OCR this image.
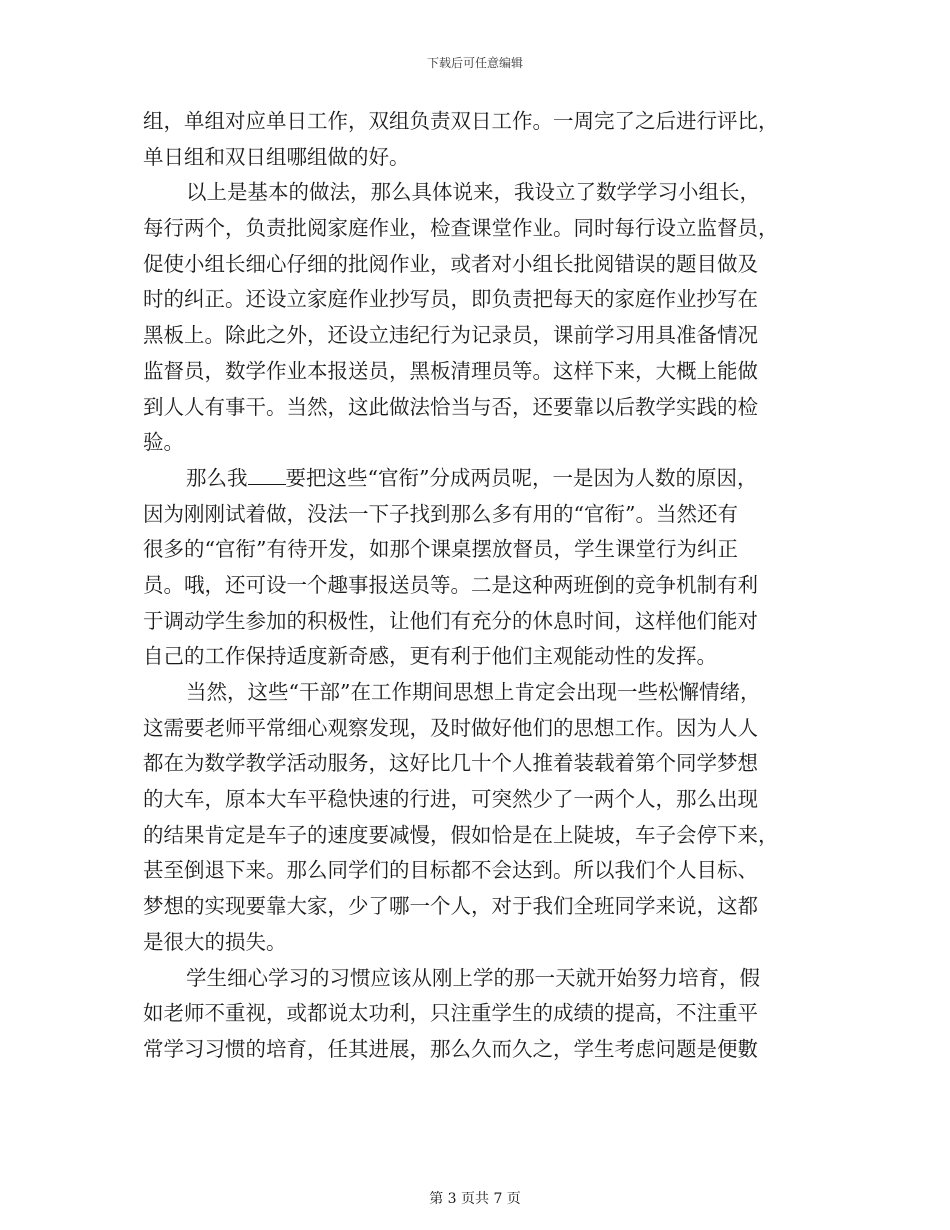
下载后可任意编辑
组，单组对应单日工作，双组负责双日工作。一周完了之后进行评比，
单日组和双日组哪组做的好。
以上是基本的做法，那么具体说来，我设立了数学学习小组长，
每行两个，负责批阅家庭作业，检查课堂作业。同时每行设立监督员，
促使小组长细心仔细的批阅作业，或者对小组长批阅错误的题目做及
时的纠正。还设立家庭作业抄写员，即负责把每天的家庭作业抄写在
黑板上。除此之外，还设立违纪行为记录员，课前学习用具准备情况
监督员，数学作业本报送员，黑板清理员等。这样下来，大概上能做
到人人有事干。当然，这此做法恰当与否，还要靠以后教学实践的检
验。
那么我 要把这些“官衔”分成两员呢，一是因为人数的原因，
因为刚刚试着做，没法一下子找到那么多有用的“官衔”。当然还有
很多的“官衔”有待开发，如那个课桌摆放督员，学生课堂行为纠正
员。哦，还可设一个趣事报送员等。二是这种两班倒的竞争机制有利
于调动学生参加的积极性，让他们有充分的休息时间，这样他们能对
自己的工作保持适度新奇感，更有利于他们主观能动性的发挥。
当然，这些“干部”在工作期间思想上肯定会出现一些松懈情绪，
这需要老师平常细心观察发现，及时做好他们的思想工作。因为人人
都在为数学教学活动服务，这好比几十个人推着装载着第个同学梦想
的大车，原本大车平稳快速的行进，可突然少了一两个人，那么出现
的结果肯定是车子的速度要减慢，假如恰是在上陡坡，车子会停下来，
甚至倒退下来。那么同学们的目标都不会达到。所以我们个人目标、
梦想的实现要靠大家，少了哪一个人，对于我们全班同学来说，这都
是很大的损失。
学生细心学习的习惯应该从刚上学的那一天就开始努力培育，假
如老师不重视，或都说太功利，只注重学生的成绩的提高，不注重平
常学习习惯的培育，任其进展，那么久而久之，学生考虑问题是便數
第 3 页共 7 页
